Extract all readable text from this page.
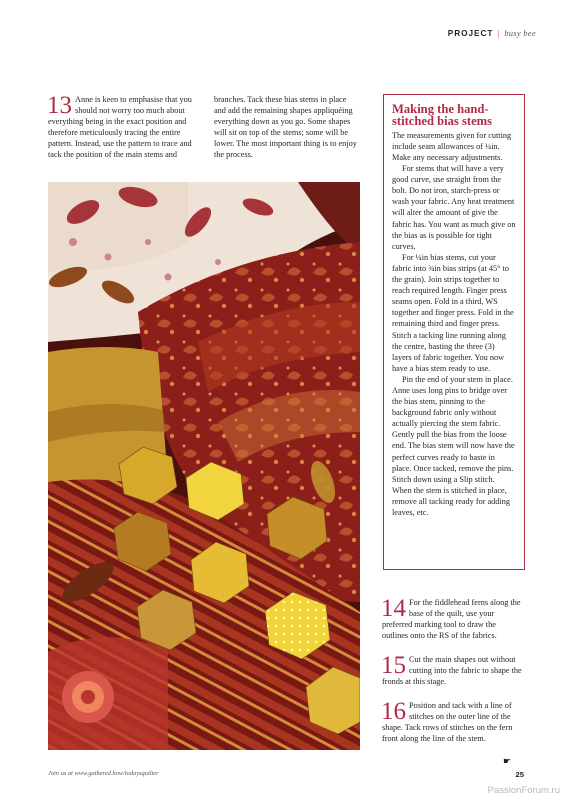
PROJECT | busy bee

13 Anne is keen to emphasise that you should not worry too much about everything being in the exact position and therefore meticulously tracing the entire pattern. Instead, use the pattern to trace and tack the position of the main stems and

branches. Tack these bias stems in place and add the remaining shapes appliquéing everything down as you go. Some shapes will sit on top of the stems; some will be lower. The most important thing is to enjoy the process.

Making the hand-stitched bias stems

The measurements given for cutting include seam allowances of ¼in. Make any necessary adjustments.

For stems that will have a very good curve, use straight from the bolt. Do not iron, starch-press or wash your fabric. Any heat treatment will alter the amount of give the fabric has. You want as much give on the bias as is possible for tight curves.

For ¼in bias stems, cut your fabric into ¾in bias strips (at 45° to the grain). Join strips together to reach required length. Finger press seams open. Fold in a third, WS together and finger press. Fold in the remaining third and finger press. Stitch a tacking line running along the centre, basting the three (3) layers of fabric together. You now have a bias stem ready to use.

Pin the end of your stem in place. Anne uses long pins to bridge over the bias stem, pinning to the background fabric only without actually piercing the stem fabric. Gently pull the bias from the loose end. The bias stem will now have the perfect curves ready to baste in place. Once tacked, remove the pins. Stitch down using a Slip stitch. When the stem is stitched in place, remove all tacking ready for adding leaves, etc.

14 For the fiddlehead ferns along the base of the quilt, use your preferred marking tool to draw the outlines onto the RS of the fabrics.

15 Cut the main shapes out without cutting into the fabric to shape the fronds at this stage.

16 Position and tack with a line of stitches on the outer line of the shape. Tack rows of stitches on the fern front along the line of the stem.

☛
Join us at www.gathered.how/todaysquilter	25
PassionForum.ru
